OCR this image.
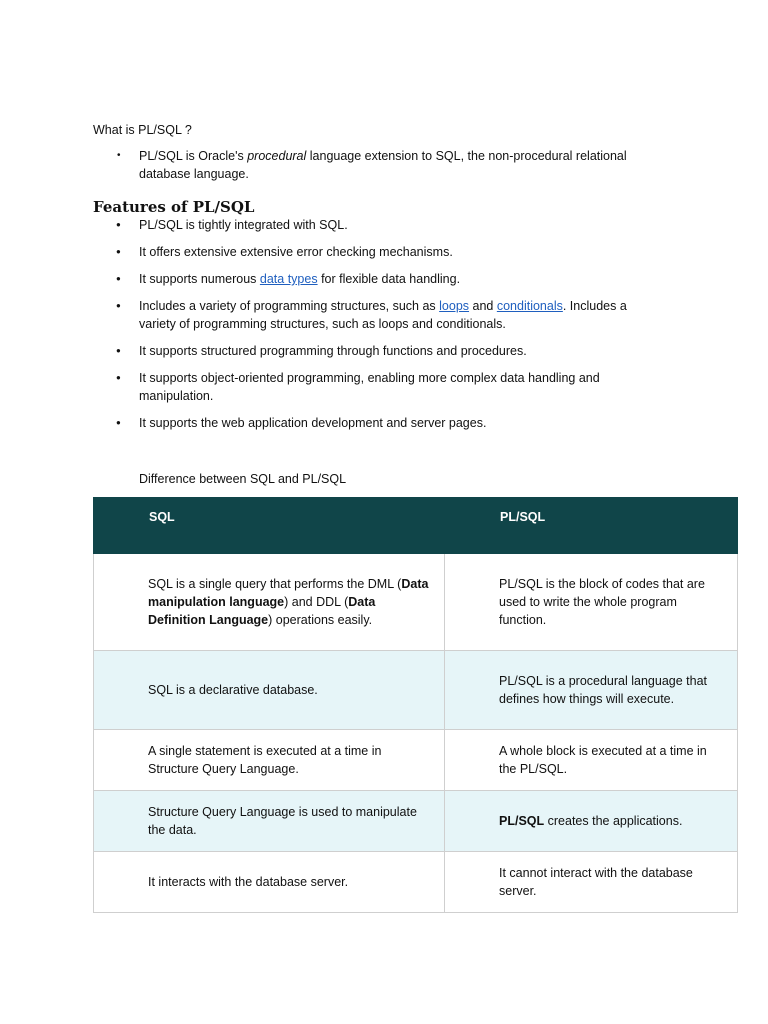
What is PL/SQL ?

• PL/SQL is Oracle's procedural language extension to SQL, the non-procedural relational database language.
Features of PL/SQL
● PL/SQL is tightly integrated with SQL.
● It offers extensive extensive error checking mechanisms.
● It supports numerous data types for flexible data handling.
● Includes a variety of programming structures, such as loops and conditionals. Includes a variety of programming structures, such as loops and conditionals.
● It supports structured programming through functions and procedures.
● It supports object-oriented programming, enabling more complex data handling and manipulation.
● It supports the web application development and server pages.

Difference between SQL and PL/SQL

SQL	PL/SQL
SQL is a single query that performs the DML (Data manipulation language) and DDL (Data Definition Language) operations easily.	PL/SQL is the block of codes that are used to write the whole program function.
SQL is a declarative database.	PL/SQL is a procedural language that defines how things will execute.
A single statement is executed at a time in Structure Query Language.	A whole block is executed at a time in the PL/SQL.
Structure Query Language is used to manipulate the data.	PL/SQL creates the applications.
It interacts with the database server.	It cannot interact with the database server.
